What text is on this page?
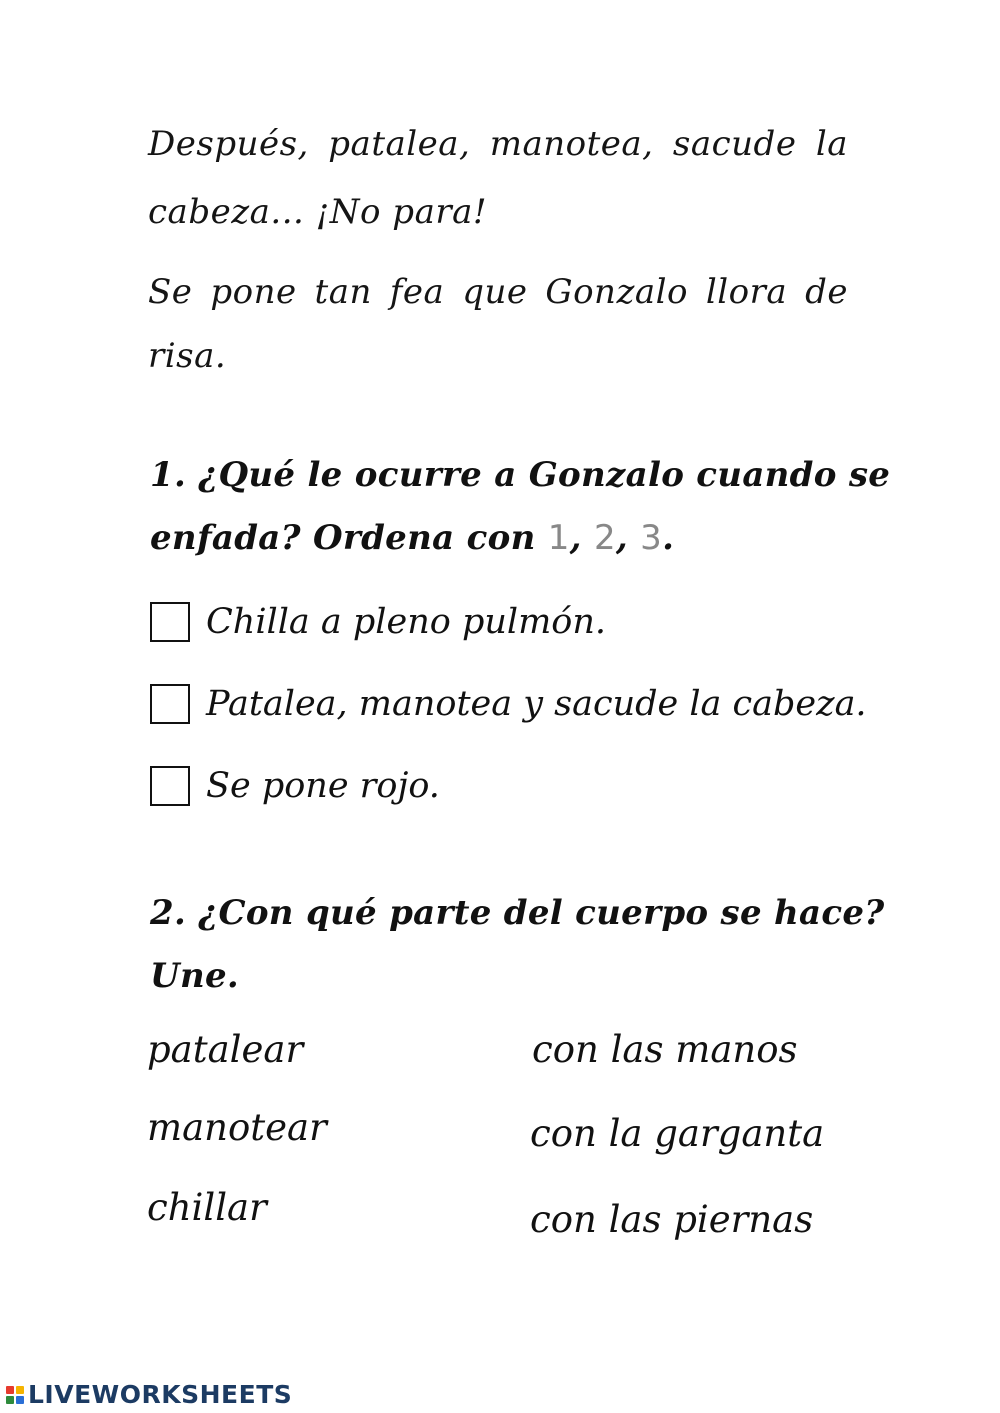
Después, patalea, manotea, sacude la
cabeza... ¡No para!
Se pone tan fea que Gonzalo llora de
risa.
1. ¿Qué le ocurre a Gonzalo cuando se
enfada? Ordena con 1, 2, 3.
Chilla a pleno pulmón.
Patalea, manotea y sacude la cabeza.
Se pone rojo.
2. ¿Con qué parte del cuerpo se hace?
Une.
patalear
manotear
chillar
con las manos
con la garganta
con las piernas
LIVEWORKSHEETS
